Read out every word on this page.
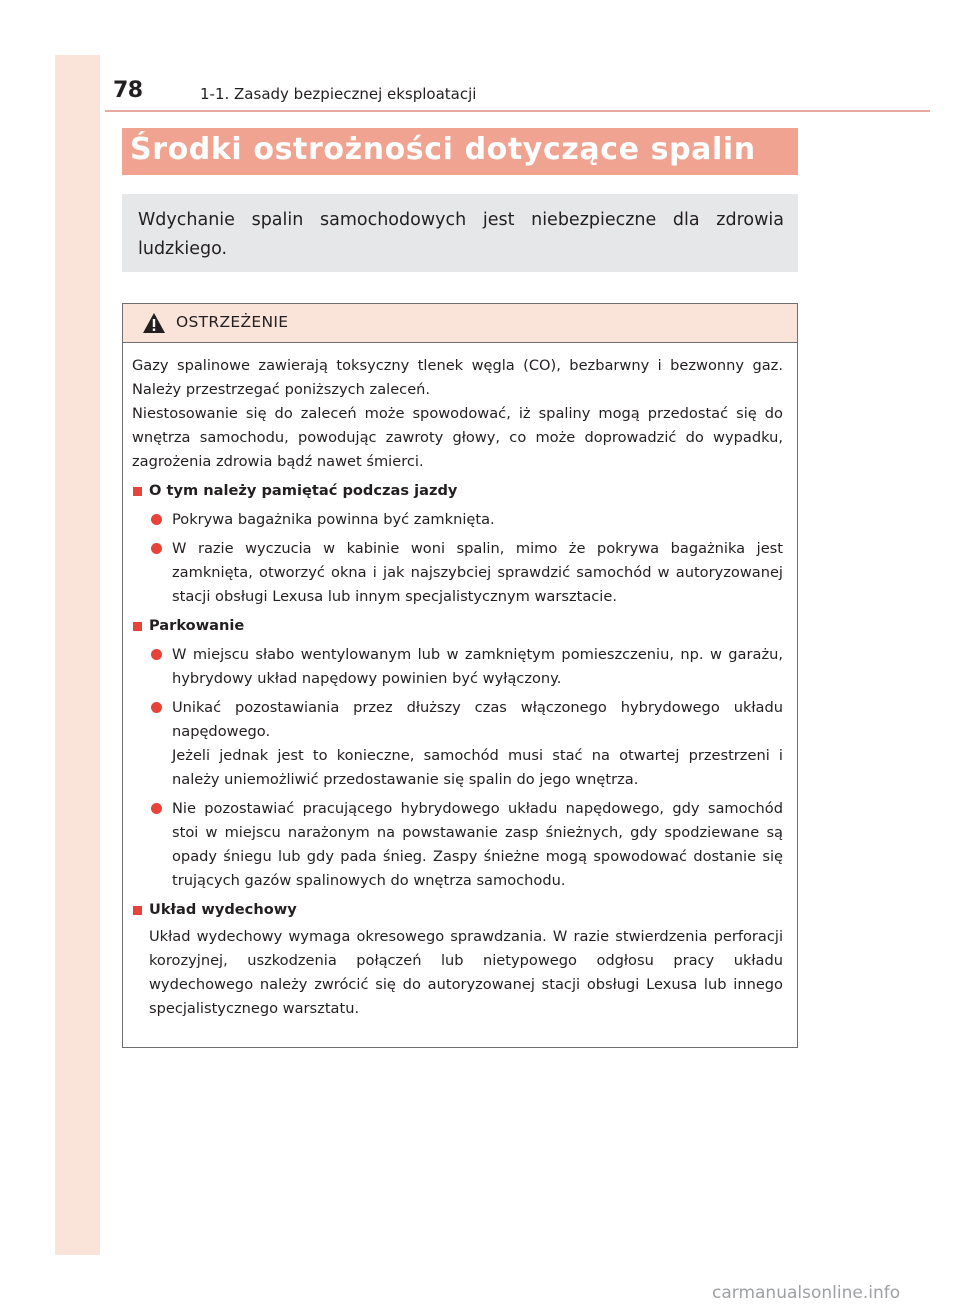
78	1-1. Zasady bezpiecznej eksploatacji
Środki ostrożności dotyczące spalin

Wdychanie spalin samochodowych jest niebezpieczne dla zdrowia ludzkiego.

OSTRZEŻENIE

Gazy spalinowe zawierają toksyczny tlenek węgla (CO), bezbarwny i bezwonny gaz. Należy przestrzegać poniższych zaleceń.

Niestosowanie się do zaleceń może spowodować, iż spaliny mogą przedostać się do wnętrza samochodu, powodując zawroty głowy, co może doprowadzić do wypadku, zagrożenia zdrowia bądź nawet śmierci.

O tym należy pamiętać podczas jazdy
Pokrywa bagażnika powinna być zamknięta.
W razie wyczucia w kabinie woni spalin, mimo że pokrywa bagażnika jest zamknięta, otworzyć okna i jak najszybciej sprawdzić samochód w autoryzowanej stacji obsługi Lexusa lub innym specjalistycznym warsztacie.
Parkowanie
W miejscu słabo wentylowanym lub w zamkniętym pomieszczeniu, np. w garażu, hybrydowy układ napędowy powinien być wyłączony.
Unikać pozostawiania przez dłuższy czas włączonego hybrydowego układu napędowego.
Jeżeli jednak jest to konieczne, samochód musi stać na otwartej przestrzeni i należy uniemożliwić przedostawanie się spalin do jego wnętrza.
Nie pozostawiać pracującego hybrydowego układu napędowego, gdy samochód stoi w miejscu narażonym na powstawanie zasp śnieżnych, gdy spodziewane są opady śniegu lub gdy pada śnieg. Zaspy śnieżne mogą spowodować dostanie się trujących gazów spalinowych do wnętrza samochodu.
Układ wydechowy

Układ wydechowy wymaga okresowego sprawdzania. W razie stwierdzenia perforacji korozyjnej, uszkodzenia połączeń lub nietypowego odgłosu pracy układu wydechowego należy zwrócić się do autoryzowanej stacji obsługi Lexusa lub innego specjalistycznego warsztatu.

carmanualsonline.info
